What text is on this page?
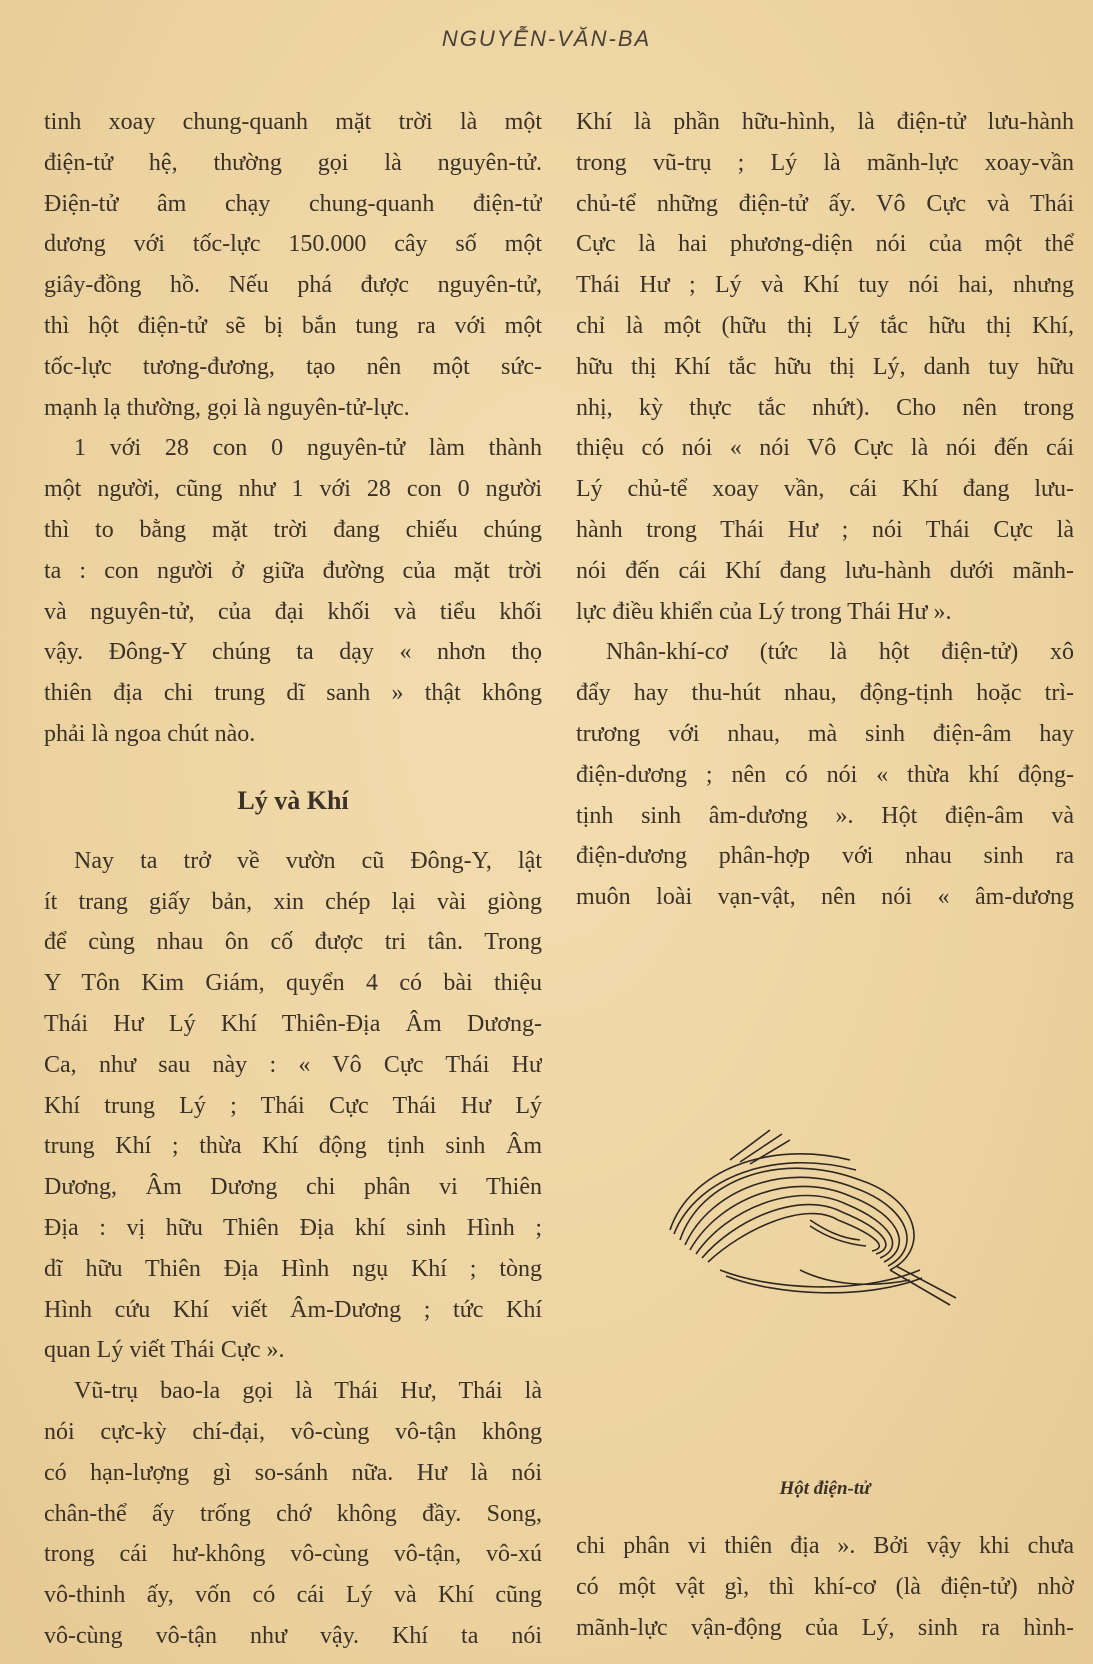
NGUYỄN-VĂN-BA
tinh xoay chung-quanh mặt trời là một
điện-tử hệ, thường gọi là nguyên-tử.
Điện-tử âm chạy chung-quanh điện-tử
dương với tốc-lực 150.000 cây số một
giây-đồng hồ. Nếu phá được nguyên-tử,
thì hột điện-tử sẽ bị bắn tung ra với một
tốc-lực tương-đương, tạo nên một sức-
mạnh lạ thường, gọi là nguyên-tử-lực.
1 với 28 con 0 nguyên-tử làm thành
một người, cũng như 1 với 28 con 0 người
thì to bằng mặt trời đang chiếu chúng
ta : con người ở giữa đường của mặt trời
và nguyên-tử, của đại khối và tiểu khối
vậy. Đông-Y chúng ta dạy « nhơn thọ
thiên địa chi trung dĩ sanh » thật không
phải là ngoa chút nào.
Lý và Khí
Nay ta trở về vườn cũ Đông-Y, lật
ít trang giấy bản, xin chép lại vài giòng
để cùng nhau ôn cố được tri tân. Trong
Y Tôn Kim Giám, quyển 4 có bài thiệu
Thái Hư Lý Khí Thiên-Địa Âm Dương-
Ca, như sau này : « Vô Cực Thái Hư
Khí trung Lý ; Thái Cực Thái Hư Lý
trung Khí ; thừa Khí động tịnh sinh Âm
Dương, Âm Dương chi phân vi Thiên
Địa : vị hữu Thiên Địa khí sinh Hình ;
dĩ hữu Thiên Địa Hình ngụ Khí ; tòng
Hình cứu Khí viết Âm-Dương ; tức Khí
quan Lý viết Thái Cực ».
Vũ-trụ bao-la gọi là Thái Hư, Thái là
nói cực-kỳ chí-đại, vô-cùng vô-tận không
có hạn-lượng gì so-sánh nữa. Hư là nói
chân-thể ấy trống chớ không đầy. Song,
trong cái hư-không vô-cùng vô-tận, vô-xú
vô-thinh ấy, vốn có cái Lý và Khí cũng
vô-cùng vô-tận như vậy. Khí ta nói
Khí là phần hữu-hình, là điện-tử lưu-hành
trong vũ-trụ ; Lý là mãnh-lực xoay-vần
chủ-tể những điện-tử ấy. Vô Cực và Thái
Cực là hai phương-diện nói của một thể
Thái Hư ; Lý và Khí tuy nói hai, nhưng
chỉ là một (hữu thị Lý tắc hữu thị Khí,
hữu thị Khí tắc hữu thị Lý, danh tuy hữu
nhị, kỳ thực tắc nhứt). Cho nên trong
thiệu có nói « nói Vô Cực là nói đến cái
Lý chủ-tể xoay vần, cái Khí đang lưu-
hành trong Thái Hư ; nói Thái Cực là
nói đến cái Khí đang lưu-hành dưới mãnh-
lực điều khiển của Lý trong Thái Hư ».
Nhân-khí-cơ (tức là hột điện-tử) xô
đẩy hay thu-hút nhau, động-tịnh hoặc trì-
trương với nhau, mà sinh điện-âm hay
điện-dương ; nên có nói « thừa khí động-
tịnh sinh âm-dương ». Hột điện-âm và
điện-dương phân-hợp với nhau sinh ra
muôn loài vạn-vật, nên nói « âm-dương
Hột điện-tử
chi phân vi thiên địa ». Bởi vậy khi chưa
có một vật gì, thì khí-cơ (là điện-tử) nhờ
mãnh-lực vận-động của Lý, sinh ra hình-
